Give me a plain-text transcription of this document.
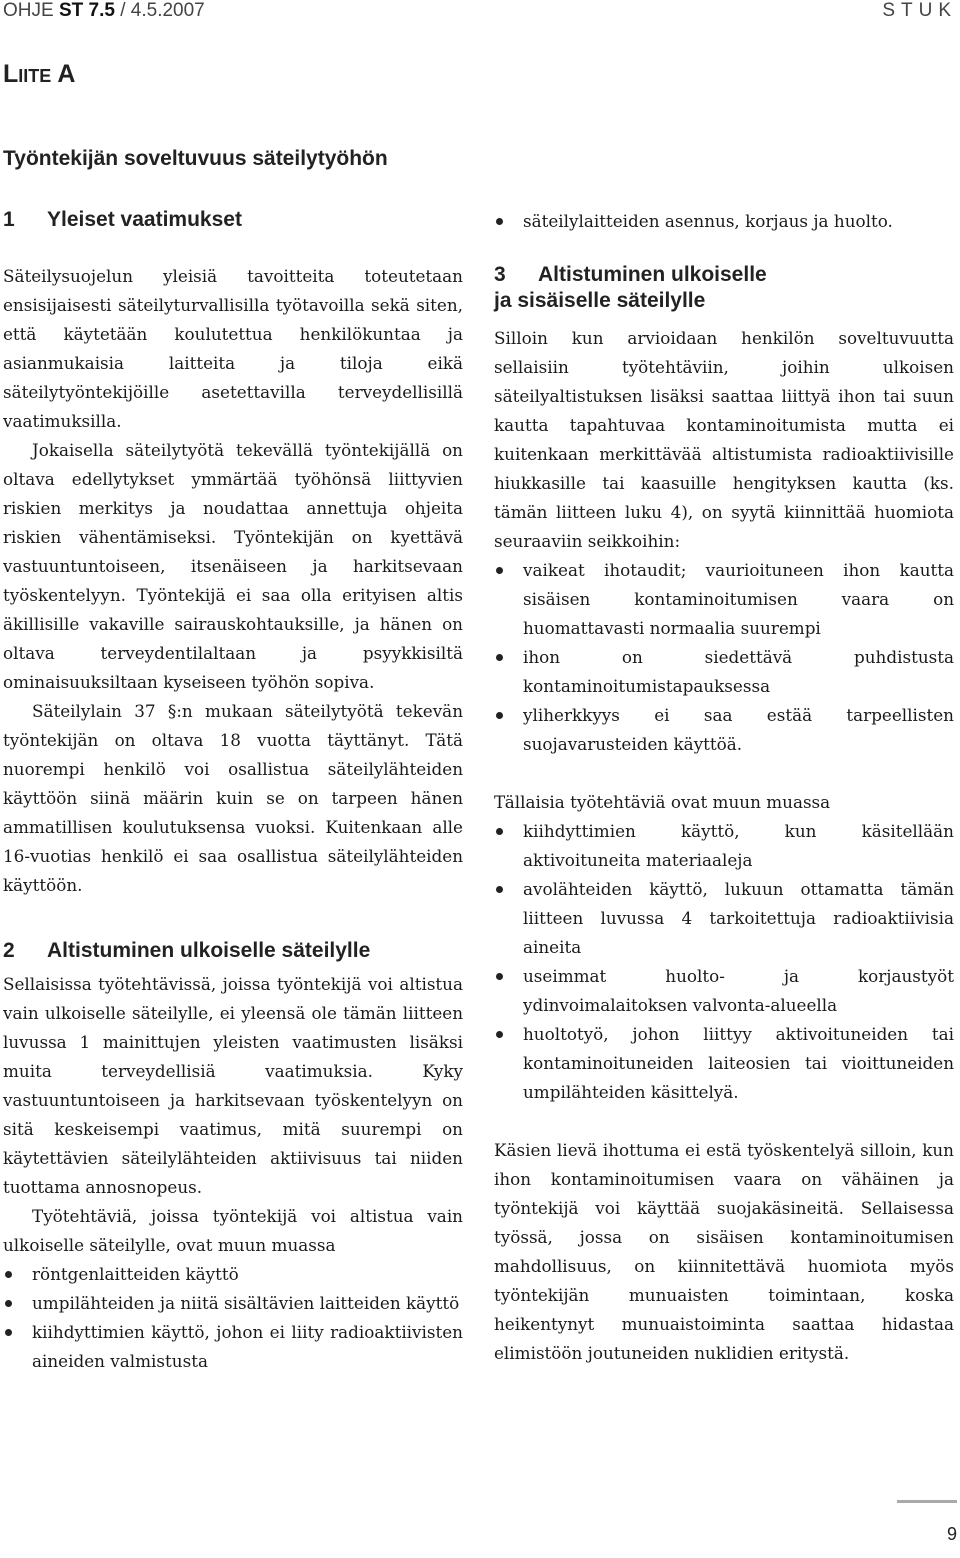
OHJE ST 7.5 / 4.5.2007	STUK
LIITE A
Työntekijän soveltuvuus säteilytyöhön
1 Yleiset vaatimukset

Säteilysuojelun yleisiä tavoitteita toteutetaan ensisijaisesti säteilyturvallisilla työtavoilla sekä siten, että käytetään koulutettua henkilökuntaa ja asianmukaisia laitteita ja tiloja eikä säteilytyöntekijöille asetettavilla terveydellisillä vaatimuksilla.

Jokaisella säteilytyötä tekevällä työntekijällä on oltava edellytykset ymmärtää työhönsä liittyvien riskien merkitys ja noudattaa annettuja ohjeita riskien vähentämiseksi. Työntekijän on kyettävä vastuuntuntoiseen, itsenäiseen ja harkitsevaan työskentelyyn. Työntekijä ei saa olla erityisen altis äkillisille vakaville sairauskohtauksille, ja hänen on oltava terveydentilaltaan ja psyykkisiltä ominaisuuksiltaan kyseiseen työhön sopiva.

Säteilylain 37 §:n mukaan säteilytyötä tekevän työntekijän on oltava 18 vuotta täyttänyt. Tätä nuorempi henkilö voi osallistua säteilylähteiden käyttöön siinä määrin kuin se on tarpeen hänen ammatillisen koulutuksensa vuoksi. Kuitenkaan alle 16-vuotias henkilö ei saa osallistua säteilylähteiden käyttöön.

2 Altistuminen ulkoiselle säteilylle

Sellaisissa työtehtävissä, joissa työntekijä voi altistua vain ulkoiselle säteilylle, ei yleensä ole tämän liitteen luvussa 1 mainittujen yleisten vaatimusten lisäksi muita terveydellisiä vaatimuksia. Kyky vastuuntuntoiseen ja harkitsevaan työskentelyyn on sitä keskeisempi vaatimus, mitä suurempi on käytettävien säteilylähteiden aktiivisuus tai niiden tuottama annosnopeus.

Työtehtäviä, joissa työntekijä voi altistua vain ulkoiselle säteilylle, ovat muun muassa

röntgenlaitteiden käyttö
umpilähteiden ja niitä sisältävien laitteiden käyttö
kiihdyttimien käyttö, johon ei liity radioaktiivisten aineiden valmistusta
säteilylaitteiden asennus, korjaus ja huolto.
3 Altistuminen ulkoiselle
ja sisäiselle säteilylle

Silloin kun arvioidaan henkilön soveltuvuutta sellaisiin työtehtäviin, joihin ulkoisen säteilyaltistuksen lisäksi saattaa liittyä ihon tai suun kautta tapahtuvaa kontaminoitumista mutta ei kuitenkaan merkittävää altistumista radioaktiivisille hiukkasille tai kaasuille hengityksen kautta (ks. tämän liitteen luku 4), on syytä kiinnittää huomiota seuraaviin seikkoihin:

vaikeat ihotaudit; vaurioituneen ihon kautta sisäisen kontaminoitumisen vaara on huomattavasti normaalia suurempi
ihon on siedettävä puhdistusta kontaminoitumistapauksessa
yliherkkyys ei saa estää tarpeellisten suojavarusteiden käyttöä.

Tällaisia työtehtäviä ovat muun muassa

kiihdyttimien käyttö, kun käsitellään aktivoituneita materiaaleja
avolähteiden käyttö, lukuun ottamatta tämän liitteen luvussa 4 tarkoitettuja radioaktiivisia aineita
useimmat huolto- ja korjaustyöt ydinvoimalaitoksen valvonta-alueella
huoltotyö, johon liittyy aktivoituneiden tai kontaminoituneiden laiteosien tai vioittuneiden umpilähteiden käsittelyä.

Käsien lievä ihottuma ei estä työskentelyä silloin, kun ihon kontaminoitumisen vaara on vähäinen ja työntekijä voi käyttää suojakäsineitä. Sellaisessa työssä, jossa on sisäisen kontaminoitumisen mahdollisuus, on kiinnitettävä huomiota myös työntekijän munuaisten toimintaan, koska heikentynyt munuaistoiminta saattaa hidastaa elimistöön joutuneiden nuklidien eritystä.

9
